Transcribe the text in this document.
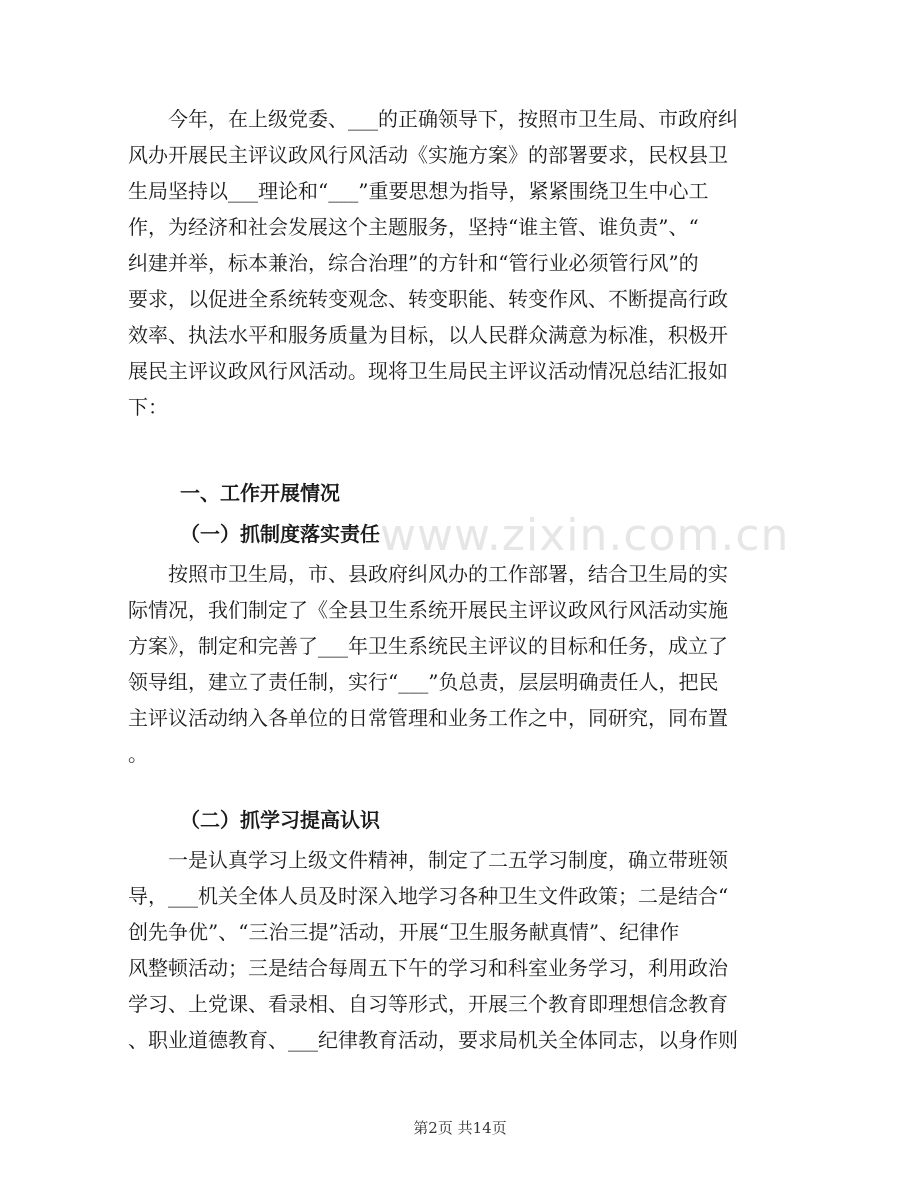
www.zixin.com.cn
　　今年，在上级党委、___的正确领导下，按照市卫生局、市政府纠
风办开展民主评议政风行风活动《实施方案》的部署要求，民权县卫
生局坚持以___理论和“___”重要思想为指导，紧紧围绕卫生中心工
作，为经济和社会发展这个主题服务，坚持“谁主管、谁负责”、“
纠建并举，标本兼治，综合治理”的方针和“管行业必须管行风”的
要求，以促进全系统转变观念、转变职能、转变作风、不断提高行政
效率、执法水平和服务质量为目标，以人民群众满意为标准，积极开
展民主评议政风行风活动。现将卫生局民主评议活动情况总结汇报如
下：
一、工作开展情况
（一）抓制度落实责任
　　按照市卫生局，市、县政府纠风办的工作部署，结合卫生局的实
际情况，我们制定了《全县卫生系统开展民主评议政风行风活动实施
方案》，制定和完善了___年卫生系统民主评议的目标和任务，成立了
领导组，建立了责任制，实行“___”负总责，层层明确责任人，把民
主评议活动纳入各单位的日常管理和业务工作之中，同研究，同布置
。
（二）抓学习提高认识
　　一是认真学习上级文件精神，制定了二五学习制度，确立带班领
导，___机关全体人员及时深入地学习各种卫生文件政策；二是结合“
创先争优”、“三治三提”活动，开展“卫生服务献真情”、纪律作
风整顿活动；三是结合每周五下午的学习和科室业务学习，利用政治
学习、上党课、看录相、自习等形式，开展三个教育即理想信念教育
、职业道德教育、___纪律教育活动，要求局机关全体同志，以身作则
第2页 共14页
